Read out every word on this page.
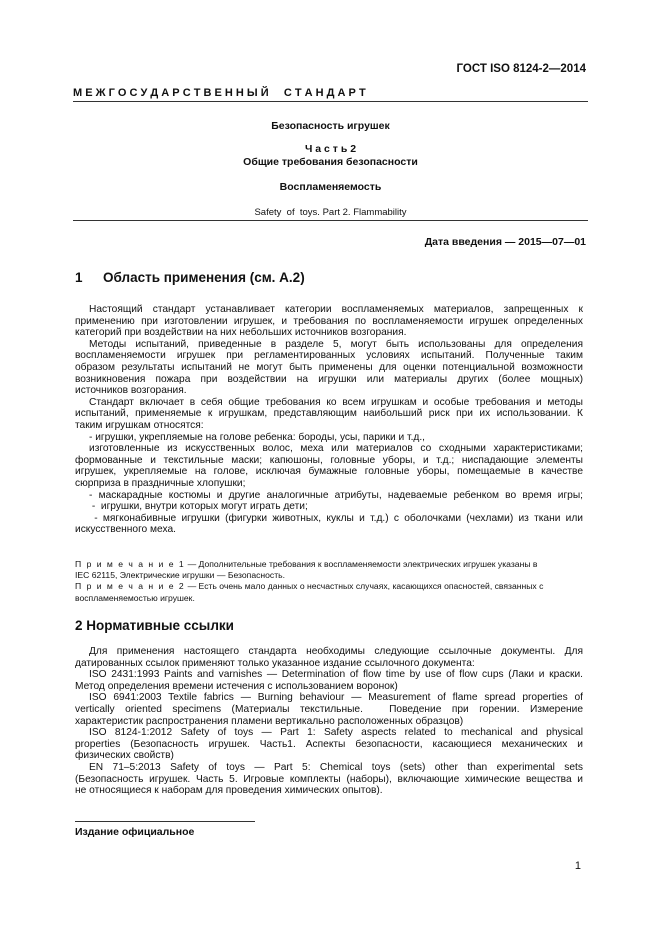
ГОСТ ISO 8124-2—2014
М Е Ж Г О С У Д А Р С Т В Е Н Н Ы Й     С Т А Н Д А Р Т
Безопасность игрушек
Ч а с т ь 2
Общие требования безопасности
Воспламеняемость
Safety  of  toys. Part 2. Flammability
Дата введения — 2015—07—01
1 Область применения (см. А.2)
Настоящий стандарт устанавливает категории воспламеняемых материалов, запрещенных к
применению при изготовлении игрушек, и требования по воспламеняемости игрушек определенных
категорий при воздействии на них небольших источников возгорания.
Методы испытаний, приведенные в разделе 5, могут быть использованы для определения
воспламеняемости игрушек при регламентированных условиях испытаний. Полученные таким
образом результаты испытаний не могут быть применены для оценки потенциальной возможности
возникновения пожара при воздействии на игрушки или материалы других (более мощных)
источников возгорания.
Стандарт включает в себя общие требования ко всем игрушкам и особые требования и методы
испытаний, применяемые к игрушкам, представляющим наибольший риск при их использовании. К
таким игрушкам относятся:
- игрушки, укрепляемые на голове ребенка: бороды, усы, парики и т.д.,
изготовленные из искусственных волос, меха или материалов со сходными характеристиками;
формованные и текстильные маски; капюшоны, головные уборы, и т.д.; ниспадающие элементы
игрушек, укрепляемые на голове, исключая бумажные головные уборы, помещаемые в качестве
сюрприза в праздничные хлопушки;
- маскарадные костюмы и другие аналогичные атрибуты, надеваемые ребенком во время игры;
-  игрушки, внутри которых могут играть дети;
- мягконабивные игрушки (фигурки животных, куклы и т.д.) с оболочками (чехлами) из ткани или
искусственного меха.
П р и м е ч а н и е 1 — Дополнительные требования к воспламеняемости электрических игрушек указаны в
IEC 62115, Электрические игрушки — Безопасность.
П р и м е ч а н и е 2 — Есть очень мало данных о несчастных случаях, касающихся опасностей, связанных с
воспламеняемостью игрушек.
2 Нормативные ссылки
Для применения настоящего стандарта необходимы следующие ссылочные документы. Для
датированных ссылок применяют только указанное издание ссылочного документа:
ISO 2431:1993 Paints and varnishes — Determination of flow time by use of flow cups (Лаки и краски.
Метод определения времени истечения с использованием воронок)
ISO 6941:2003 Textile fabrics — Burning behaviour — Measurement of flame spread properties of
vertically  oriented  specimens  (Материалы  текстильные.     Поведение  при  горении.  Измерение
характеристик распространения пламени вертикально расположенных образцов)
ISO 8124-1:2012 Safety of toys — Part 1: Safety aspects related to mechanical and physical
properties  (Безопасность  игрушек.  Часть1.  Аспекты  безопасности,  касающиеся  механических  и
физических свойств)
EN 71–5:2013 Safety of toys — Part 5: Chemical toys (sets) other than experimental sets
(Безопасность игрушек. Часть 5. Игровые комплекты (наборы), включающие химические вещества и
не относящиеся к наборам для проведения химических опытов).
Издание официальное
1
